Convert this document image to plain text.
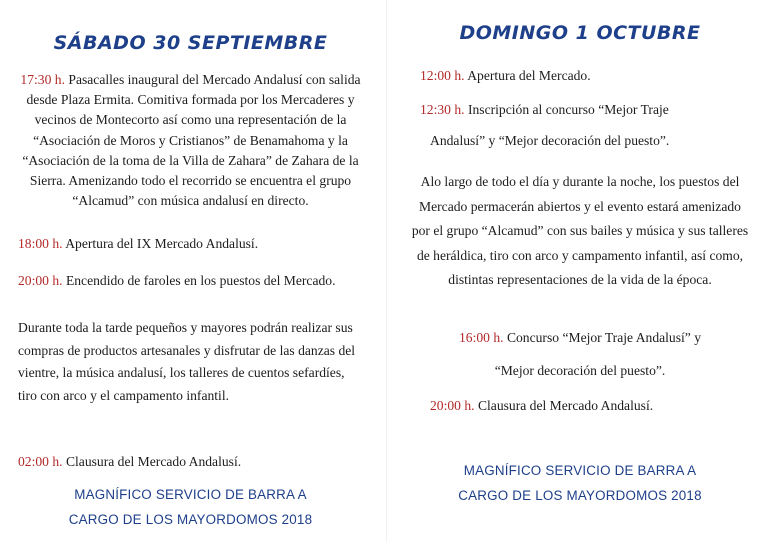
SÁBADO 30 SEPTIEMBRE

17:30 h. Pasacalles inaugural del Mercado Andalusí con salida desde Plaza Ermita. Comitiva formada por los Mercaderes y vecinos de Montecorto así como una representación de la “Asociación de Moros y Cristianos” de Benamahoma y la “Asociación de la toma de la Villa de Zahara” de Zahara de la Sierra. Amenizando todo el recorrido se encuentra el grupo “Alcamud” con música andalusí en directo.

18:00 h. Apertura del IX Mercado Andalusí.

20:00 h. Encendido de faroles en los puestos del Mercado.

Durante toda la tarde pequeños y mayores podrán realizar sus compras de productos artesanales y disfrutar de las danzas del vientre, la música andalusí, los talleres de cuentos sefardíes, tiro con arco y el campamento infantil.

02:00 h. Clausura del Mercado Andalusí.

MAGNÍFICO SERVICIO DE BARRA A
CARGO DE LOS MAYORDOMOS 2018
DOMINGO 1 OCTUBRE

12:00 h. Apertura del Mercado.

12:30 h. Inscripción al concurso “Mejor Traje

Andalusí” y “Mejor decoración del puesto”.

Alo largo de todo el día y durante la noche, los puestos del Mercado permacerán abiertos y el evento estará amenizado por el grupo “Alcamud” con sus bailes y música y sus talleres de heráldica, tiro con arco y campamento infantil, así como, distintas representaciones de la vida de la época.

16:00 h. Concurso “Mejor Traje Andalusí” y

“Mejor decoración del puesto”.

20:00 h. Clausura del Mercado Andalusí.

MAGNÍFICO SERVICIO DE BARRA A
CARGO DE LOS MAYORDOMOS 2018
